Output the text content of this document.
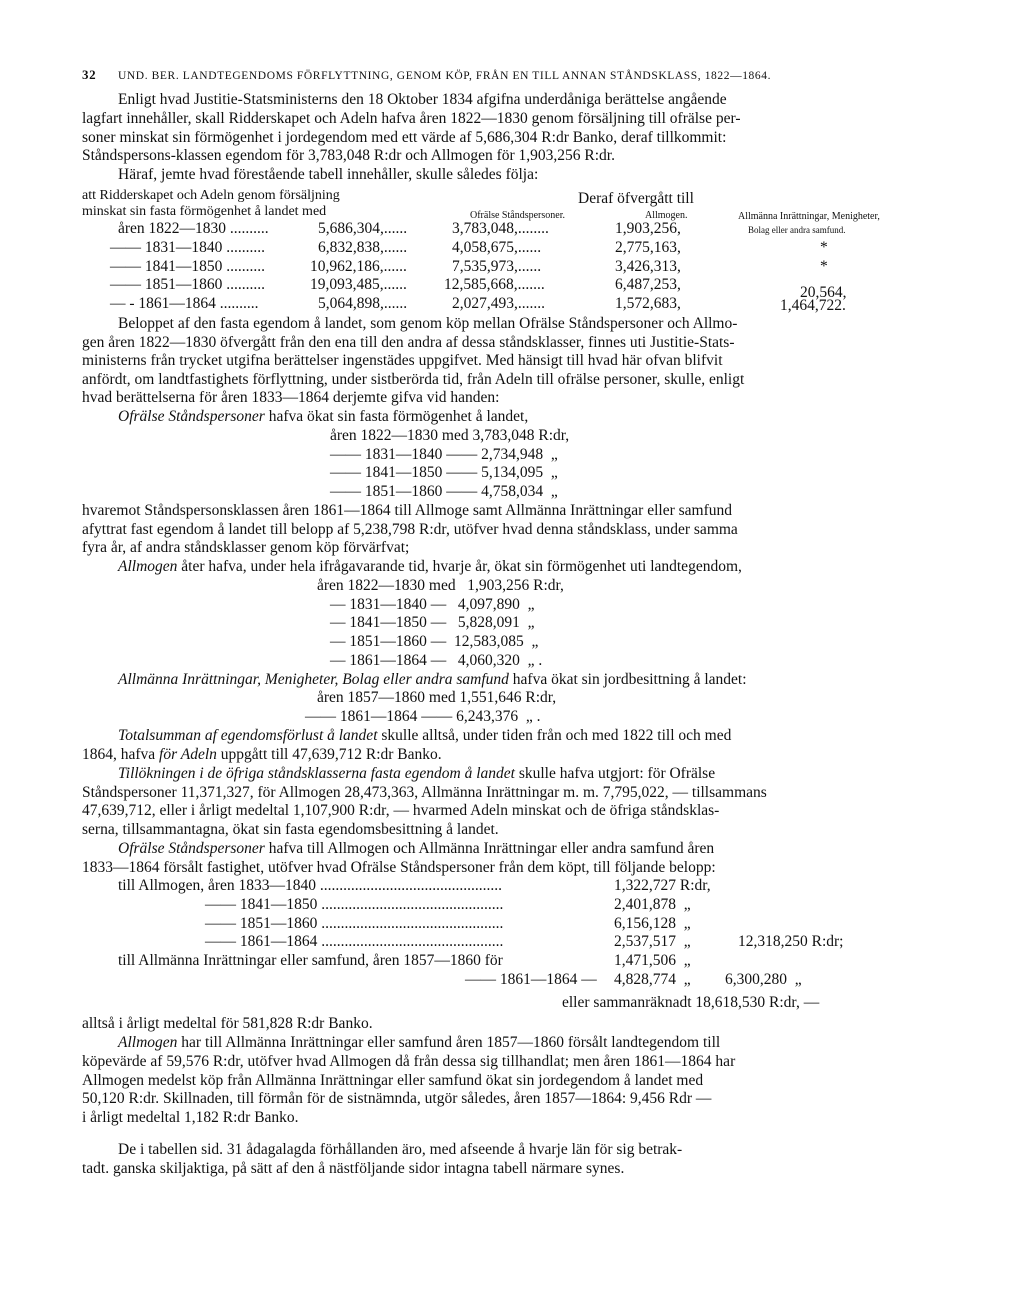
32 UND. BER. LANDTEGENDOMS FÖRFLYTTNING, GENOM KÖP, FRÅN EN TILL ANNAN STÅNDSKLASS, 1822—1864.
Enligt hvad Justitie-Statsministerns den 18 Oktober 1834 afgifna underdåniga berättelse angående
lagfart innehåller, skall Ridderskapet och Adeln hafva åren 1822—1830 genom försäljning till ofrälse per-
soner minskat sin förmögenhet i jordegendom med ett värde af 5,686,304 R:dr Banko, deraf tillkommit:
Ståndspersons-klassen egendom för 3,783,048 R:dr och Allmogen för 1,903,256 R:dr.
Häraf, jemte hvad förestående tabell innehåller, skulle således följa:
att Ridderskapet och Adeln genom försäljning
minskat sin fasta förmögenhet å landet med
Deraf öfvergått till
Ofrälse Ståndspersoner.	Allmogen.	Allmänna Inrättningar, Menigheter,
Bolag eller andra samfund.
åren 1822—1830 ..........	5,686,304,......	3,783,048,........	1,903,256,
—— 1831—1840 ..........	6,832,838,......	4,058,675,......	2,775,163,	*
—— 1841—1850 ..........	10,962,186,......	7,535,973,......	3,426,313,	*
—— 1851—1860 ..........	19,093,485,...... 12,585,668,.......	6,487,253,	20,564,
— - 1861—1864 ..........	5,064,898,......	2,027,493,.......	1,572,683,	1,464,722.
Beloppet af den fasta egendom å landet, som genom köp mellan Ofrälse Ståndspersoner och Allmo-
gen åren 1822—1830 öfvergått från den ena till den andra af dessa ståndsklasser, finnes uti Justitie-Stats-
ministerns från trycket utgifna berättelser ingenstädes uppgifvet. Med hänsigt till hvad här ofvan blifvit
anfördt, om landtfastighets förflyttning, under sistberörda tid, från Adeln till ofrälse personer, skulle, enligt
hvad berättelserna för åren 1833—1864 derjemte gifva vid handen:
Ofrälse Ståndspersoner hafva ökat sin fasta förmögenhet å landet,
åren 1822—1830 med 3,783,048 R:dr,
—— 1831—1840 —— 2,734,948  „
—— 1841—1850 —— 5,134,095  „
—— 1851—1860 —— 4,758,034  „
hvaremot Ståndspersonsklassen åren 1861—1864 till Allmoge samt Allmänna Inrättningar eller samfund
afyttrat fast egendom å landet till belopp af 5,238,798 R:dr, utöfver hvad denna ståndsklass, under samma
fyra år, af andra ståndsklasser genom köp förvärfvat;
Allmogen åter hafva, under hela ifrågavarande tid, hvarje år, ökat sin förmögenhet uti landtegendom,
åren 1822—1830 med   1,903,256 R:dr,
— 1831—1840 —   4,097,890  „
— 1841—1850 —   5,828,091  „
— 1851—1860 —  12,583,085  „
— 1861—1864 —   4,060,320  „ .
Allmänna Inrättningar, Menigheter, Bolag eller andra samfund hafva ökat sin jordbesittning å landet:
åren 1857—1860 med 1,551,646 R:dr,
—— 1861—1864 —— 6,243,376  „ .
Totalsumman af egendomsförlust å landet skulle alltså, under tiden från och med 1822 till och med
1864, hafva för Adeln uppgått till 47,639,712 R:dr Banko.
Tillökningen i de öfriga ståndsklasserna fasta egendom å landet skulle hafva utgjort: för Ofrälse
Ståndspersoner 11,371,327, för Allmogen 28,473,363, Allmänna Inrättningar m. m. 7,795,022, — tillsammans
47,639,712, eller i årligt medeltal 1,107,900 R:dr, — hvarmed Adeln minskat och de öfriga ståndsklas-
serna, tillsammantagna, ökat sin fasta egendomsbesittning å landet.
Ofrälse Ståndspersoner hafva till Allmogen och Allmänna Inrättningar eller andra samfund åren
1833—1864 försålt fastighet, utöfver hvad Ofrälse Ståndspersoner från dem köpt, till följande belopp:
till Allmogen, åren 1833—1840 ...............................................	1,322,727 R:dr,
—— 1841—1850 ...............................................	2,401,878  „
—— 1851—1860 ...............................................	6,156,128  „
—— 1861—1864 ...............................................	2,537,517  „	12,318,250 R:dr;
till Allmänna Inrättningar eller samfund, åren 1857—1860 för	1,471,506  „
—— 1861—1864 — 4,828,774  „ 6,300,280  „
eller sammanräknadt 18,618,530 R:dr, —
alltså i årligt medeltal för 581,828 R:dr Banko.
Allmogen har till Allmänna Inrättningar eller samfund åren 1857—1860 försålt landtegendom till
köpevärde af 59,576 R:dr, utöfver hvad Allmogen då från dessa sig tillhandlat; men åren 1861—1864 har
Allmogen medelst köp från Allmänna Inrättningar eller samfund ökat sin jordegendom å landet med
50,120 R:dr. Skillnaden, till förmån för de sistnämnda, utgör således, åren 1857—1864: 9,456 Rdr —
i årligt medeltal 1,182 R:dr Banko.
De i tabellen sid. 31 ådagalagda förhållanden äro, med afseende å hvarje län för sig betrak-
tadt. ganska skiljaktiga, på sätt af den å nästföljande sidor intagna tabell närmare synes.
